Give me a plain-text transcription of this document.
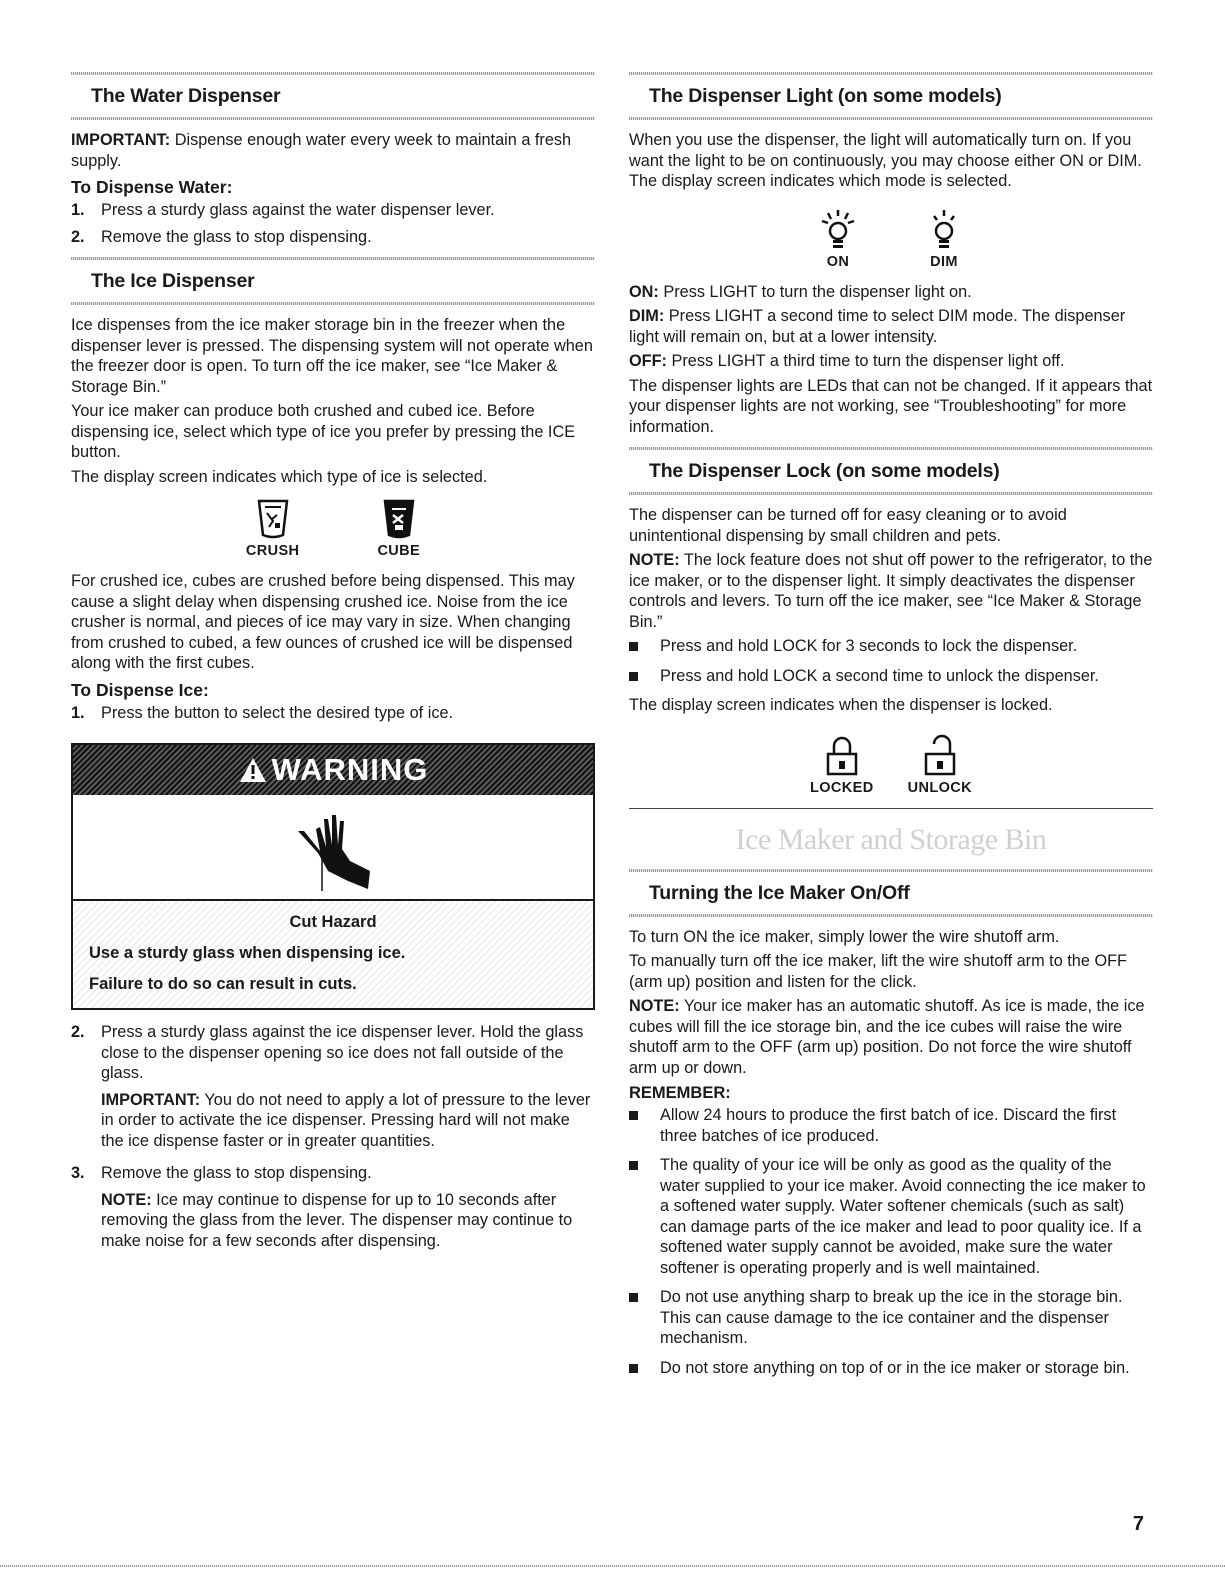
The Water Dispenser

IMPORTANT: Dispense enough water every week to maintain a fresh supply.

To Dispense Water:
1.	Press a sturdy glass against the water dispenser lever.
2.	Remove the glass to stop dispensing.
The Ice Dispenser

Ice dispenses from the ice maker storage bin in the freezer when the dispenser lever is pressed. The dispensing system will not operate when the freezer door is open. To turn off the ice maker, see “Ice Maker & Storage Bin.”

Your ice maker can produce both crushed and cubed ice. Before dispensing ice, select which type of ice you prefer by pressing the ICE button.

The display screen indicates which type of ice is selected.

CRUSH	CUBE

For crushed ice, cubes are crushed before being dispensed. This may cause a slight delay when dispensing crushed ice. Noise from the ice crusher is normal, and pieces of ice may vary in size. When changing from crushed to cubed, a few ounces of crushed ice will be dispensed along with the first cubes.

To Dispense Ice:
1.	Press the button to select the desired type of ice.
WARNING
Cut Hazard
Use a sturdy glass when dispensing ice.
Failure to do so can result in cuts.
2.	Press a sturdy glass against the ice dispenser lever. Hold the glass close to the dispenser opening so ice does not fall outside of the glass.

IMPORTANT: You do not need to apply a lot of pressure to the lever in order to activate the ice dispenser. Pressing hard will not make the ice dispense faster or in greater quantities.

3.	Remove the glass to stop dispensing.

NOTE: Ice may continue to dispense for up to 10 seconds after removing the glass from the lever. The dispenser may continue to make noise for a few seconds after dispensing.

The Dispenser Light (on some models)

When you use the dispenser, the light will automatically turn on. If you want the light to be on continuously, you may choose either ON or DIM. The display screen indicates which mode is selected.

ON	DIM

ON: Press LIGHT to turn the dispenser light on.

DIM: Press LIGHT a second time to select DIM mode. The dispenser light will remain on, but at a lower intensity.

OFF: Press LIGHT a third time to turn the dispenser light off.

The dispenser lights are LEDs that can not be changed. If it appears that your dispenser lights are not working, see “Troubleshooting” for more information.

The Dispenser Lock (on some models)

The dispenser can be turned off for easy cleaning or to avoid unintentional dispensing by small children and pets.

NOTE: The lock feature does not shut off power to the refrigerator, to the ice maker, or to the dispenser light. It simply deactivates the dispenser controls and levers. To turn off the ice maker, see “Ice Maker & Storage Bin.”

Press and hold LOCK for 3 seconds to lock the dispenser.
Press and hold LOCK a second time to unlock the dispenser.

The display screen indicates when the dispenser is locked.

LOCKED UNLOCK
Ice Maker and Storage Bin
Turning the Ice Maker On/Off

To turn ON the ice maker, simply lower the wire shutoff arm.

To manually turn off the ice maker, lift the wire shutoff arm to the OFF (arm up) position and listen for the click.

NOTE: Your ice maker has an automatic shutoff. As ice is made, the ice cubes will fill the ice storage bin, and the ice cubes will raise the wire shutoff arm to the OFF (arm up) position. Do not force the wire shutoff arm up or down.

REMEMBER:
Allow 24 hours to produce the first batch of ice. Discard the first three batches of ice produced.
The quality of your ice will be only as good as the quality of the water supplied to your ice maker. Avoid connecting the ice maker to a softened water supply. Water softener chemicals (such as salt) can damage parts of the ice maker and lead to poor quality ice. If a softened water supply cannot be avoided, make sure the water softener is operating properly and is well maintained.
Do not use anything sharp to break up the ice in the storage bin. This can cause damage to the ice container and the dispenser mechanism.
Do not store anything on top of or in the ice maker or storage bin.
7
